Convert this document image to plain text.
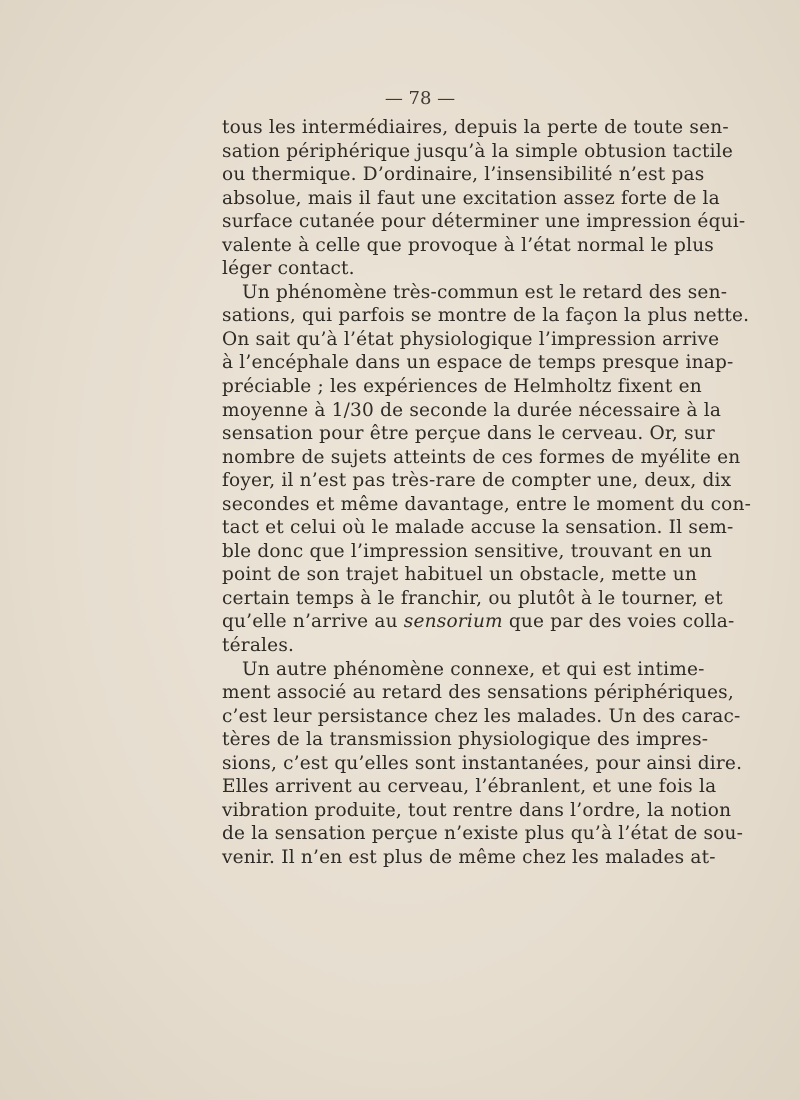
— 78 —
tous les intermédiaires, depuis la perte de toute sen-
sation périphérique jusqu’à la simple obtusion tactile
ou thermique. D’ordinaire, l’insensibilité n’est pas
absolue, mais il faut une excitation assez forte de la
surface cutanée pour déterminer une impression équi-
valente à celle que provoque à l’état normal le plus
léger contact.
Un phénomène très-commun est le retard des sen-
sations, qui parfois se montre de la façon la plus nette.
On sait qu’à l’état physiologique l’impression arrive
à l’encéphale dans un espace de temps presque inap-
préciable ; les expériences de Helmholtz fixent en
moyenne à 1/30 de seconde la durée nécessaire à la
sensation pour être perçue dans le cerveau. Or, sur
nombre de sujets atteints de ces formes de myélite en
foyer, il n’est pas très-rare de compter une, deux, dix
secondes et même davantage, entre le moment du con-
tact et celui où le malade accuse la sensation. Il sem-
ble donc que l’impression sensitive, trouvant en un
point de son trajet habituel un obstacle, mette un
certain temps à le franchir, ou plutôt à le tourner, et
qu’elle n’arrive au sensorium que par des voies colla-
térales.
Un autre phénomène connexe, et qui est intime-
ment associé au retard des sensations périphériques,
c’est leur persistance chez les malades. Un des carac-
tères de la transmission physiologique des impres-
sions, c’est qu’elles sont instantanées, pour ainsi dire.
Elles arrivent au cerveau, l’ébranlent, et une fois la
vibration produite, tout rentre dans l’ordre, la notion
de la sensation perçue n’existe plus qu’à l’état de sou-
venir. Il n’en est plus de même chez les malades at-
